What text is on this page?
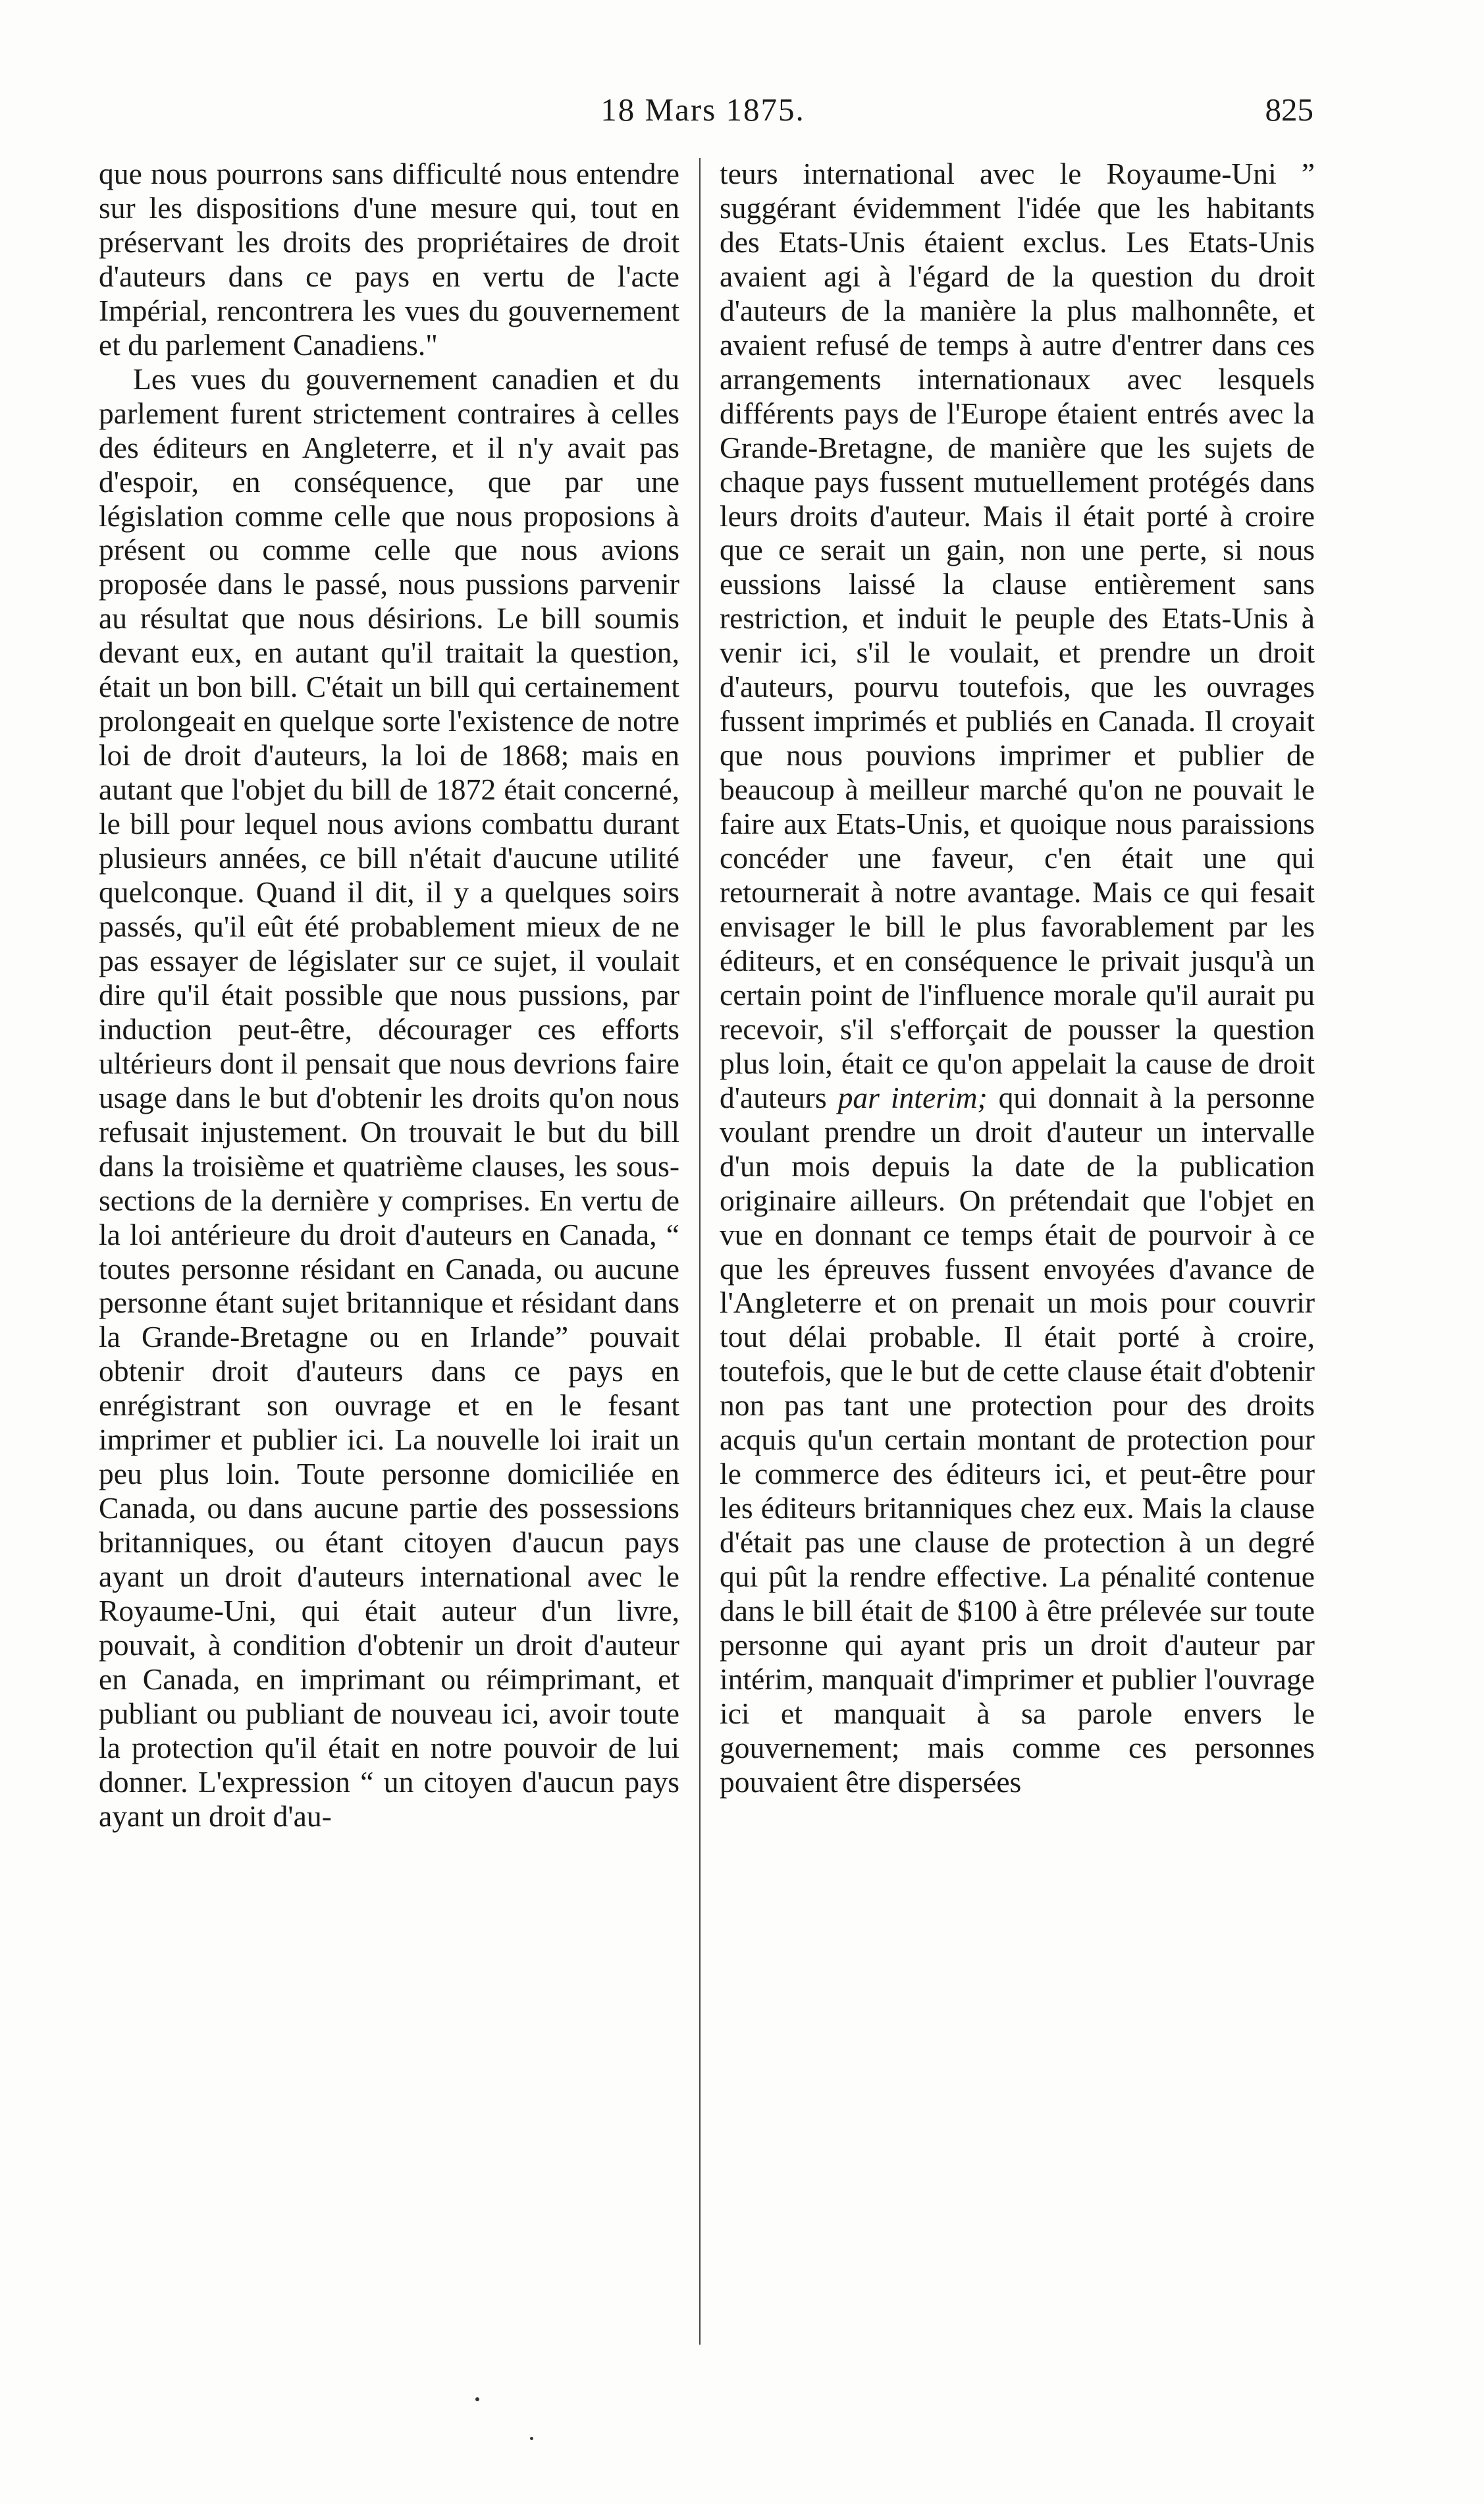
18 Mars 1875.	825

que nous pourrons sans difficulté nous entendre sur les dispositions d'une mesure qui, tout en préservant les droits des propriétaires de droit d'auteurs dans ce pays en vertu de l'acte Impérial, rencontrera les vues du gouvernement et du parlement Canadiens."

Les vues du gouvernement canadien et du parlement furent strictement contraires à celles des éditeurs en Angleterre, et il n'y avait pas d'espoir, en conséquence, que par une législation comme celle que nous proposions à présent ou comme celle que nous avions proposée dans le passé, nous pussions parvenir au résultat que nous désirions. Le bill soumis devant eux, en autant qu'il traitait la question, était un bon bill. C'était un bill qui certainement prolongeait en quelque sorte l'existence de notre loi de droit d'auteurs, la loi de 1868; mais en autant que l'objet du bill de 1872 était concerné, le bill pour lequel nous avions combattu durant plusieurs années, ce bill n'était d'aucune utilité quelconque. Quand il dit, il y a quelques soirs passés, qu'il eût été probablement mieux de ne pas essayer de législater sur ce sujet, il voulait dire qu'il était possible que nous pussions, par induction peut-être, décourager ces efforts ultérieurs dont il pensait que nous devrions faire usage dans le but d'obtenir les droits qu'on nous refusait injustement. On trouvait le but du bill dans la troisième et quatrième clauses, les sous-sections de la dernière y comprises. En vertu de la loi antérieure du droit d'auteurs en Canada, “ toutes personne résidant en Canada, ou aucune personne étant sujet britannique et résidant dans la Grande-Bretagne ou en Irlande” pouvait obtenir droit d'auteurs dans ce pays en enrégistrant son ouvrage et en le fesant imprimer et publier ici. La nouvelle loi irait un peu plus loin. Toute personne domiciliée en Canada, ou dans aucune partie des possessions britanniques, ou étant citoyen d'aucun pays ayant un droit d'auteurs international avec le Royaume-Uni, qui était auteur d'un livre, pouvait, à condition d'obtenir un droit d'auteur en Canada, en imprimant ou réimprimant, et publiant ou publiant de nouveau ici, avoir toute la protection qu'il était en notre pouvoir de lui donner. L'expression “ un citoyen d'aucun pays ayant un droit d'au-

teurs international avec le Royaume-Uni ” suggérant évidemment l'idée que les habitants des Etats-Unis étaient exclus. Les Etats-Unis avaient agi à l'égard de la question du droit d'auteurs de la manière la plus malhonnête, et avaient refusé de temps à autre d'entrer dans ces arrangements internationaux avec lesquels différents pays de l'Europe étaient entrés avec la Grande-Bretagne, de manière que les sujets de chaque pays fussent mutuellement protégés dans leurs droits d'auteur. Mais il était porté à croire que ce serait un gain, non une perte, si nous eussions laissé la clause entièrement sans restriction, et induit le peuple des Etats-Unis à venir ici, s'il le voulait, et prendre un droit d'auteurs, pourvu toutefois, que les ouvrages fussent imprimés et publiés en Canada. Il croyait que nous pouvions imprimer et publier de beaucoup à meilleur marché qu'on ne pouvait le faire aux Etats-Unis, et quoique nous paraissions concéder une faveur, c'en était une qui retournerait à notre avantage. Mais ce qui fesait envisager le bill le plus favorablement par les éditeurs, et en conséquence le privait jusqu'à un certain point de l'influence morale qu'il aurait pu recevoir, s'il s'efforçait de pousser la question plus loin, était ce qu'on appelait la cause de droit d'auteurs par interim; qui donnait à la personne voulant prendre un droit d'auteur un intervalle d'un mois depuis la date de la publication originaire ailleurs. On prétendait que l'objet en vue en donnant ce temps était de pourvoir à ce que les épreuves fussent envoyées d'avance de l'Angleterre et on prenait un mois pour couvrir tout délai probable. Il était porté à croire, toutefois, que le but de cette clause était d'obtenir non pas tant une protection pour des droits acquis qu'un certain montant de protection pour le commerce des éditeurs ici, et peut-être pour les éditeurs britanniques chez eux. Mais la clause d'était pas une clause de protection à un degré qui pût la rendre effective. La pénalité contenue dans le bill était de $100 à être prélevée sur toute personne qui ayant pris un droit d'auteur par intérim, manquait d'imprimer et publier l'ouvrage ici et manquait à sa parole envers le gouvernement; mais comme ces personnes pouvaient être dispersées
